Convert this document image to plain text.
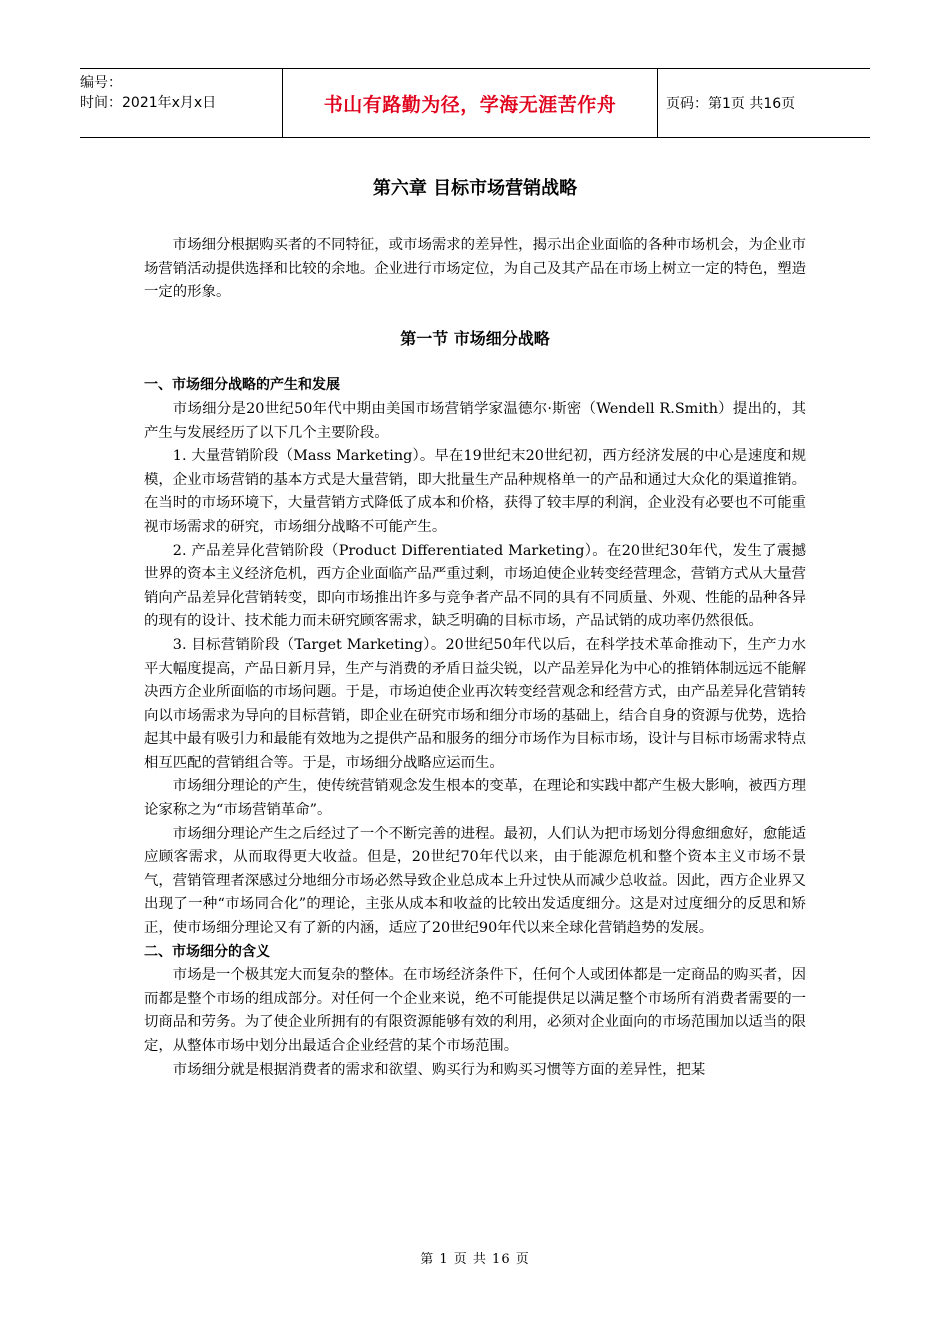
编号：
时间：2021年x月x日	书山有路勤为径，学海无涯苦作舟	页码：第1页 共16页
第六章 目标市场营销战略

市场细分根据购买者的不同特征，或市场需求的差异性，揭示出企业面临的各种市场机会，为企业市场营销活动提供选择和比较的余地。企业进行市场定位，为自己及其产品在市场上树立一定的特色，塑造一定的形象。

第一节 市场细分战略
一、市场细分战略的产生和发展

市场细分是20世纪50年代中期由美国市场营销学家温德尔·斯密（Wendell R.Smith）提出的，其产生与发展经历了以下几个主要阶段。

1. 大量营销阶段（Mass Marketing）。早在19世纪末20世纪初，西方经济发展的中心是速度和规模，企业市场营销的基本方式是大量营销，即大批量生产品种规格单一的产品和通过大众化的渠道推销。在当时的市场环境下，大量营销方式降低了成本和价格，获得了较丰厚的利润，企业没有必要也不可能重视市场需求的研究，市场细分战略不可能产生。

2. 产品差异化营销阶段（Product Differentiated Marketing）。在20世纪30年代，发生了震撼世界的资本主义经济危机，西方企业面临产品严重过剩，市场迫使企业转变经营理念，营销方式从大量营销向产品差异化营销转变，即向市场推出许多与竞争者产品不同的具有不同质量、外观、性能的品种各异的现有的设计、技术能力而未研究顾客需求，缺乏明确的目标市场，产品试销的成功率仍然很低。

3. 目标营销阶段（Target Marketing）。20世纪50年代以后，在科学技术革命推动下，生产力水平大幅度提高，产品日新月异，生产与消费的矛盾日益尖锐，以产品差异化为中心的推销体制远远不能解决西方企业所面临的市场问题。于是，市场迫使企业再次转变经营观念和经营方式，由产品差异化营销转向以市场需求为导向的目标营销，即企业在研究市场和细分市场的基础上，结合自身的资源与优势，选拾起其中最有吸引力和最能有效地为之提供产品和服务的细分市场作为目标市场，设计与目标市场需求特点相互匹配的营销组合等。于是，市场细分战略应运而生。

市场细分理论的产生，使传统营销观念发生根本的变革，在理论和实践中都产生极大影响，被西方理论家称之为“市场营销革命”。

市场细分理论产生之后经过了一个不断完善的进程。最初，人们认为把市场划分得愈细愈好，愈能适应顾客需求，从而取得更大收益。但是，20世纪70年代以来，由于能源危机和整个资本主义市场不景气，营销管理者深感过分地细分市场必然导致企业总成本上升过快从而减少总收益。因此，西方企业界又出现了一种“市场同合化”的理论，主张从成本和收益的比较出发适度细分。这是对过度细分的反思和矫正，使市场细分理论又有了新的内涵，适应了20世纪90年代以来全球化营销趋势的发展。

二、市场细分的含义

市场是一个极其宠大而复杂的整体。在市场经济条件下，任何个人或团体都是一定商品的购买者，因而都是整个市场的组成部分。对任何一个企业来说，绝不可能提供足以满足整个市场所有消费者需要的一切商品和劳务。为了使企业所拥有的有限资源能够有效的利用，必须对企业面向的市场范围加以适当的限定，从整体市场中划分出最适合企业经营的某个市场范围。

市场细分就是根据消费者的需求和欲望、购买行为和购买习惯等方面的差异性，把某

第 1 页 共 16 页
